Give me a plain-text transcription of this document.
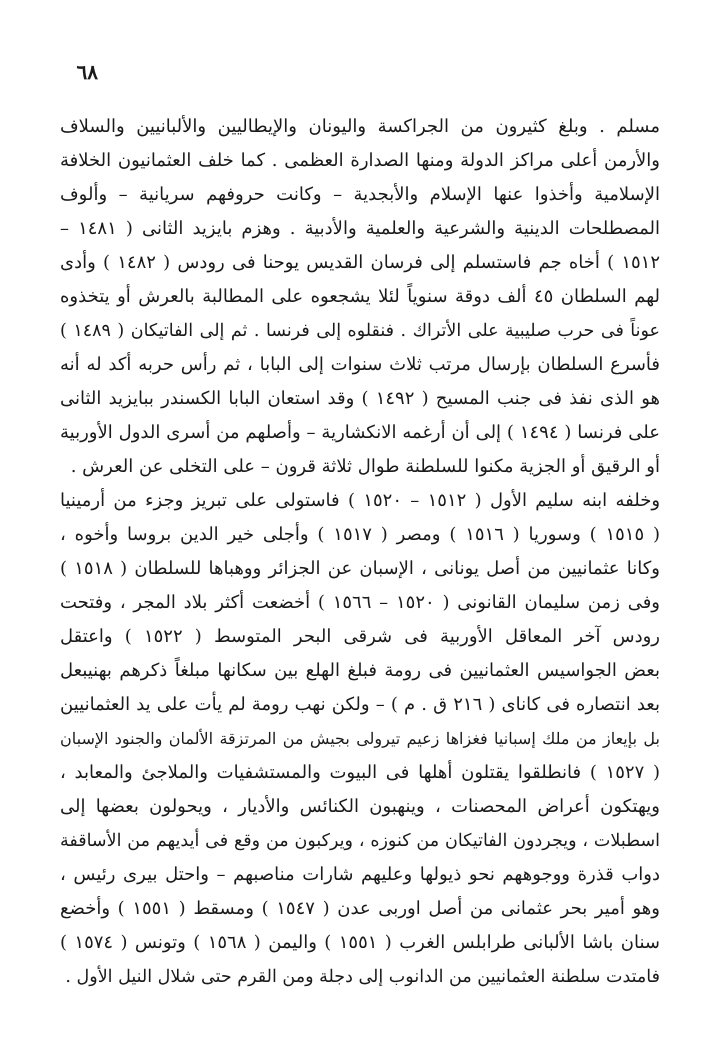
٦٨
مسلم . وبلغ كثيرون من الجراكسة واليونان والإيطاليين والألبانيين والسلاف
والأرمن أعلى مراكز الدولة ومنها الصدارة العظمى . كما خلف العثمانيون الخلافة
الإسلامية وأخذوا عنها الإسلام والأبجدية – وكانت حروفهم سريانية – وألوف
المصطلحات الدينية والشرعية والعلمية والأدبية . وهزم بايزيد الثانى ( ١٤٨١ –
١٥١٢ ) أخاه جم فاستسلم إلى فرسان القديس يوحنا فى رودس ( ١٤٨٢ ) وأدى
لهم السلطان ٤٥ ألف دوقة سنوياً لئلا يشجعوه على المطالبة بالعرش أو يتخذوه
عوناً فى حرب صليبية على الأتراك . فنقلوه إلى فرنسا . ثم إلى الفاتيكان ( ١٤٨٩ )
فأسرع السلطان بإرسال مرتب ثلاث سنوات إلى البابا ، ثم رأس حربه أكد له أنه
هو الذى نفذ فى جنب المسيح ( ١٤٩٢ ) وقد استعان البابا الكسندر ببايزيد الثانى
على فرنسا ( ١٤٩٤ ) إلى أن أرغمه الانكشارية – وأصلهم من أسرى الدول الأوربية
أو الرقيق أو الجزية مكنوا للسلطنة طوال ثلاثة قرون – على التخلى عن العرش .
وخلفه ابنه سليم الأول ( ١٥١٢ – ١٥٢٠ ) فاستولى على تبريز وجزء من أرمينيا
( ١٥١٥ ) وسوريا ( ١٥١٦ ) ومصر ( ١٥١٧ ) وأجلى خير الدين بروسا وأخوه ،
وكانا عثمانيين من أصل يونانى ، الإسبان عن الجزائر ووهباها للسلطان ( ١٥١٨ )
وفى زمن سليمان القانونى ( ١٥٢٠ – ١٥٦٦ ) أخضعت أكثر بلاد المجر ، وفتحت
رودس آخر المعاقل الأوربية فى شرقى البحر المتوسط ( ١٥٢٢ ) واعتقل
بعض الجواسيس العثمانيين فى رومة فبلغ الهلع بين سكانها مبلغاً ذكرهم بهنيبعل
بعد انتصاره فى كاناى ( ٢١٦ ق . م ) – ولكن نهب رومة لم يأت على يد العثمانيين
بل بإيعاز من ملك إسبانيا فغزاها زعيم تيرولى بجيش من المرتزقة الألمان والجنود الإسبان
( ١٥٢٧ ) فانطلقوا يقتلون أهلها فى البيوت والمستشفيات والملاجئ والمعابد ،
ويهتكون أعراض المحصنات ، وينهبون الكنائس والأديار ، ويحولون بعضها إلى
اسطبلات ، ويجردون الفاتيكان من كنوزه ، ويركبون من وقع فى أيديهم من الأساقفة
دواب قذرة ووجوههم نحو ذيولها وعليهم شارات مناصبهم – واحتل بيرى رئيس ،
وهو أمير بحر عثمانى من أصل اوربى عدن ( ١٥٤٧ ) ومسقط ( ١٥٥١ ) وأخضع
سنان باشا الألبانى طرابلس الغرب ( ١٥٥١ ) واليمن ( ١٥٦٨ ) وتونس ( ١٥٧٤ )
فامتدت سلطنة العثمانيين من الدانوب إلى دجلة ومن القرم حتى شلال النيل الأول .
